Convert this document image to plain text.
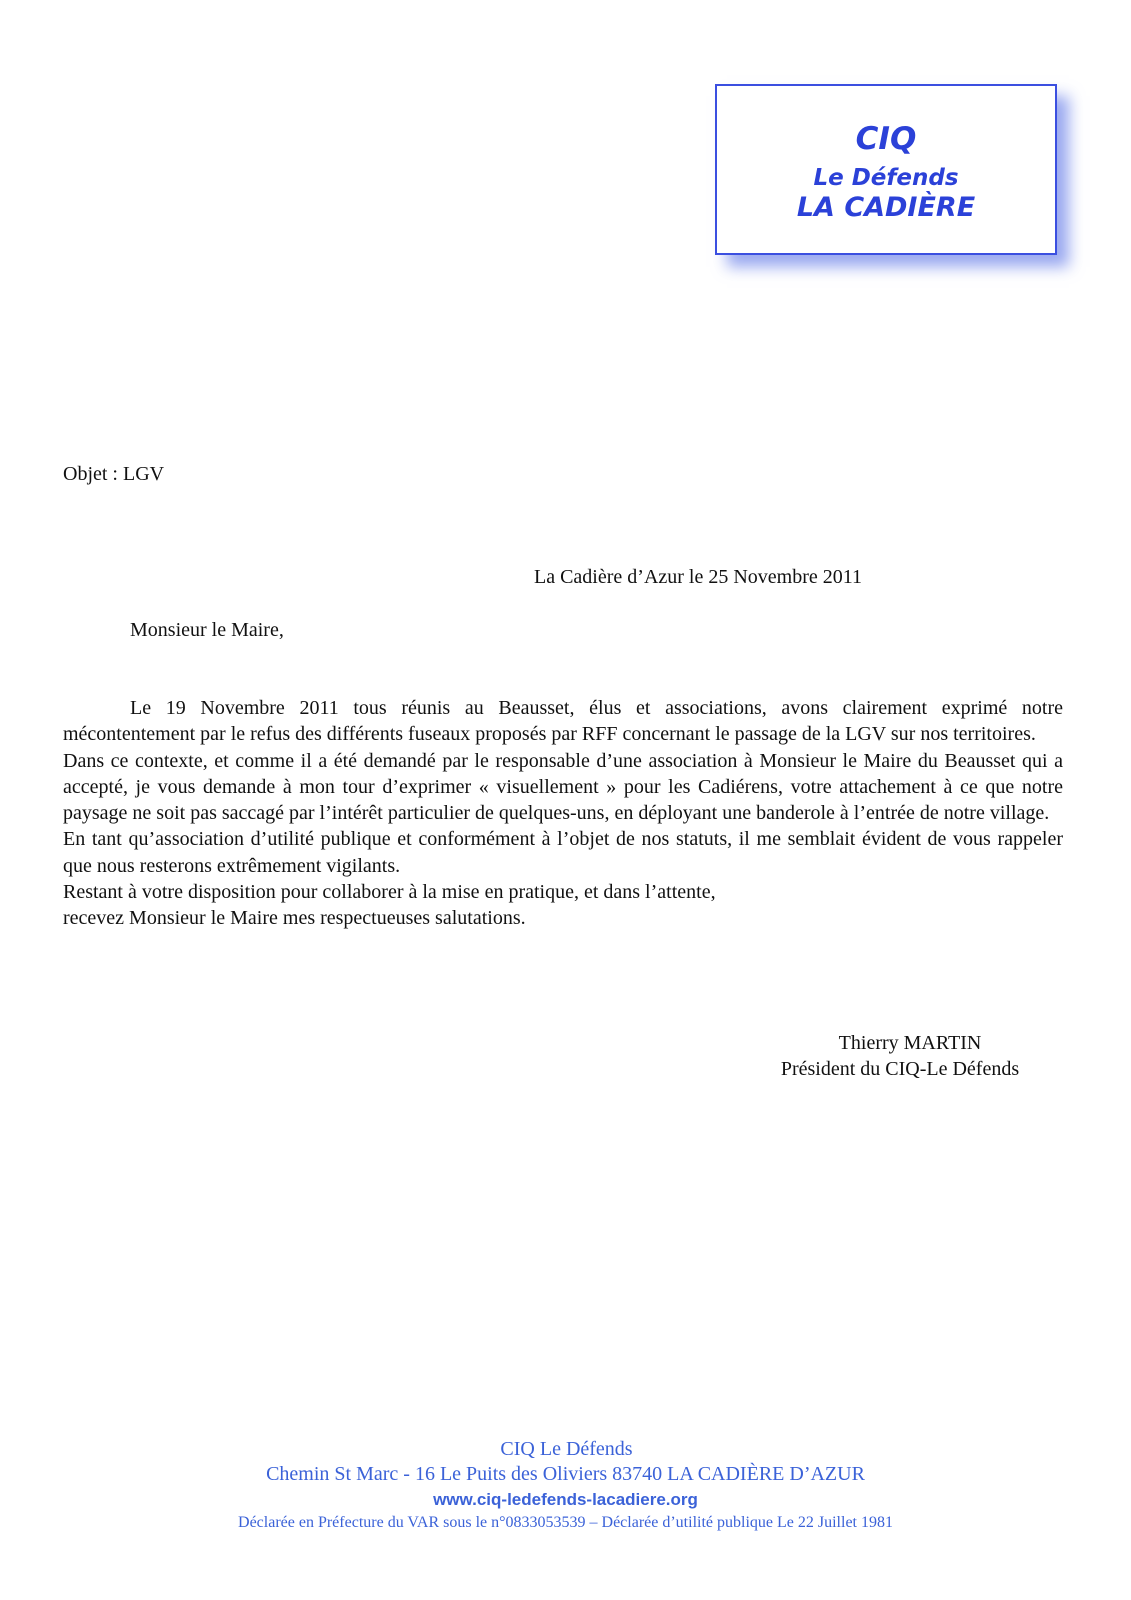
CIQ
Le Défends
LA CADIÈRE
Objet : LGV
La Cadière d’Azur le 25 Novembre 2011
Monsieur le Maire,

Le 19 Novembre 2011 tous réunis au Beausset, élus et associations, avons clairement exprimé notre mécontentement par le refus des différents fuseaux proposés par RFF concernant le passage de la LGV sur nos territoires.

Dans ce contexte, et comme il a été demandé par le responsable d’une association à Monsieur le Maire du Beausset qui a accepté, je vous demande à mon tour d’exprimer « visuellement » pour les Cadiérens, votre attachement à ce que notre paysage ne soit pas saccagé par l’intérêt particulier de quelques-uns, en déployant une banderole à l’entrée de notre village.

En tant qu’association d’utilité publique et conformément à l’objet de nos statuts, il me semblait évident de vous rappeler que nous resterons extrêmement vigilants.

Restant à votre disposition pour collaborer à la mise en pratique, et dans l’attente,

recevez Monsieur le Maire mes respectueuses salutations.

Thierry MARTIN
Président du CIQ-Le Défends
CIQ Le Défends
Chemin St Marc - 16 Le Puits des Oliviers 83740 LA CADIÈRE D’AZUR
www.ciq-ledefends-lacadiere.org
Déclarée en Préfecture du VAR sous le n°0833053539 – Déclarée d’utilité publique Le 22 Juillet 1981
